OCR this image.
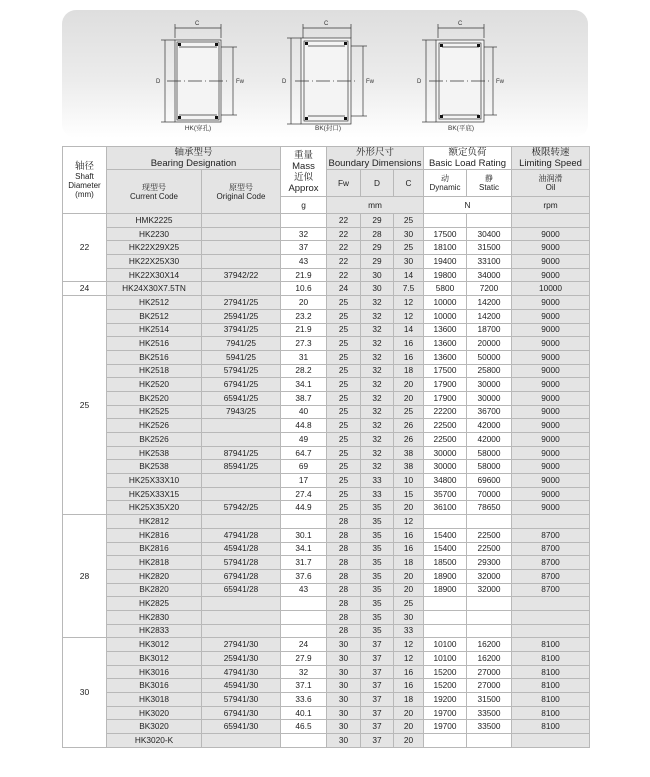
C
D	Fw
HK(穿孔)
C
D	Fw
BK(封口)
C
D	Fw
BK(平底)
轴径
Shaft Diameter (mm)	轴承型号
Bearing Designation		重量
Mass
近似
Approx	外形尺寸
Boundary Dimensions			额定负荷
Basic Load Rating		极限转速
Limiting Speed

	现型号
Current Code	原型号
Original Code		Fw	D	C	动
Dynamic	静
Static	油润滑
Oil

			g	mm			N		rpm
22	HMK2225			22	29	25			
	HK2230		32	22	28	30	17500	30400	9000
	HK22X29X25		37	22	29	25	18100	31500	9000
	HK22X25X30		43	22	29	30	19400	33100	9000
	HK22X30X14	37942/22	21.9	22	30	14	19800	34000	9000
24	HK24X30X7.5TN		10.6	24	30	7.5	5800	7200	10000
25	HK2512	27941/25	20	25	32	12	10000	14200	9000
	BK2512	25941/25	23.2	25	32	12	10000	14200	9000
	HK2514	37941/25	21.9	25	32	14	13600	18700	9000
	HK2516	7941/25	27.3	25	32	16	13600	20000	9000
	BK2516	5941/25	31	25	32	16	13600	50000	9000
	HK2518	57941/25	28.2	25	32	18	17500	25800	9000
	HK2520	67941/25	34.1	25	32	20	17900	30000	9000
	BK2520	65941/25	38.7	25	32	20	17900	30000	9000
	HK2525	7943/25	40	25	32	25	22200	36700	9000
	HK2526		44.8	25	32	26	22500	42000	9000
	BK2526		49	25	32	26	22500	42000	9000
	HK2538	87941/25	64.7	25	32	38	30000	58000	9000
	BK2538	85941/25	69	25	32	38	30000	58000	9000
	HK25X33X10		17	25	33	10	34800	69600	9000
	HK25X33X15		27.4	25	33	15	35700	70000	9000
	HK25X35X20	57942/25	44.9	25	35	20	36100	78650	9000
28	HK2812			28	35	12			
	HK2816	47941/28	30.1	28	35	16	15400	22500	8700
	BK2816	45941/28	34.1	28	35	16	15400	22500	8700
	HK2818	57941/28	31.7	28	35	18	18500	29300	8700
	HK2820	67941/28	37.6	28	35	20	18900	32000	8700
	BK2820	65941/28	43	28	35	20	18900	32000	8700
	HK2825			28	35	25			
	HK2830			28	35	30			
	HK2833			28	35	33			
30	HK3012	27941/30	24	30	37	12	10100	16200	8100
	BK3012	25941/30	27.9	30	37	12	10100	16200	8100
	HK3016	47941/30	32	30	37	16	15200	27000	8100
	BK3016	45941/30	37.1	30	37	16	15200	27000	8100
	HK3018	57941/30	33.6	30	37	18	19200	31500	8100
	HK3020	67941/30	40.1	30	37	20	19700	33500	8100
	BK3020	65941/30	46.5	30	37	20	19700	33500	8100
	HK3020-K			30	37	20			
